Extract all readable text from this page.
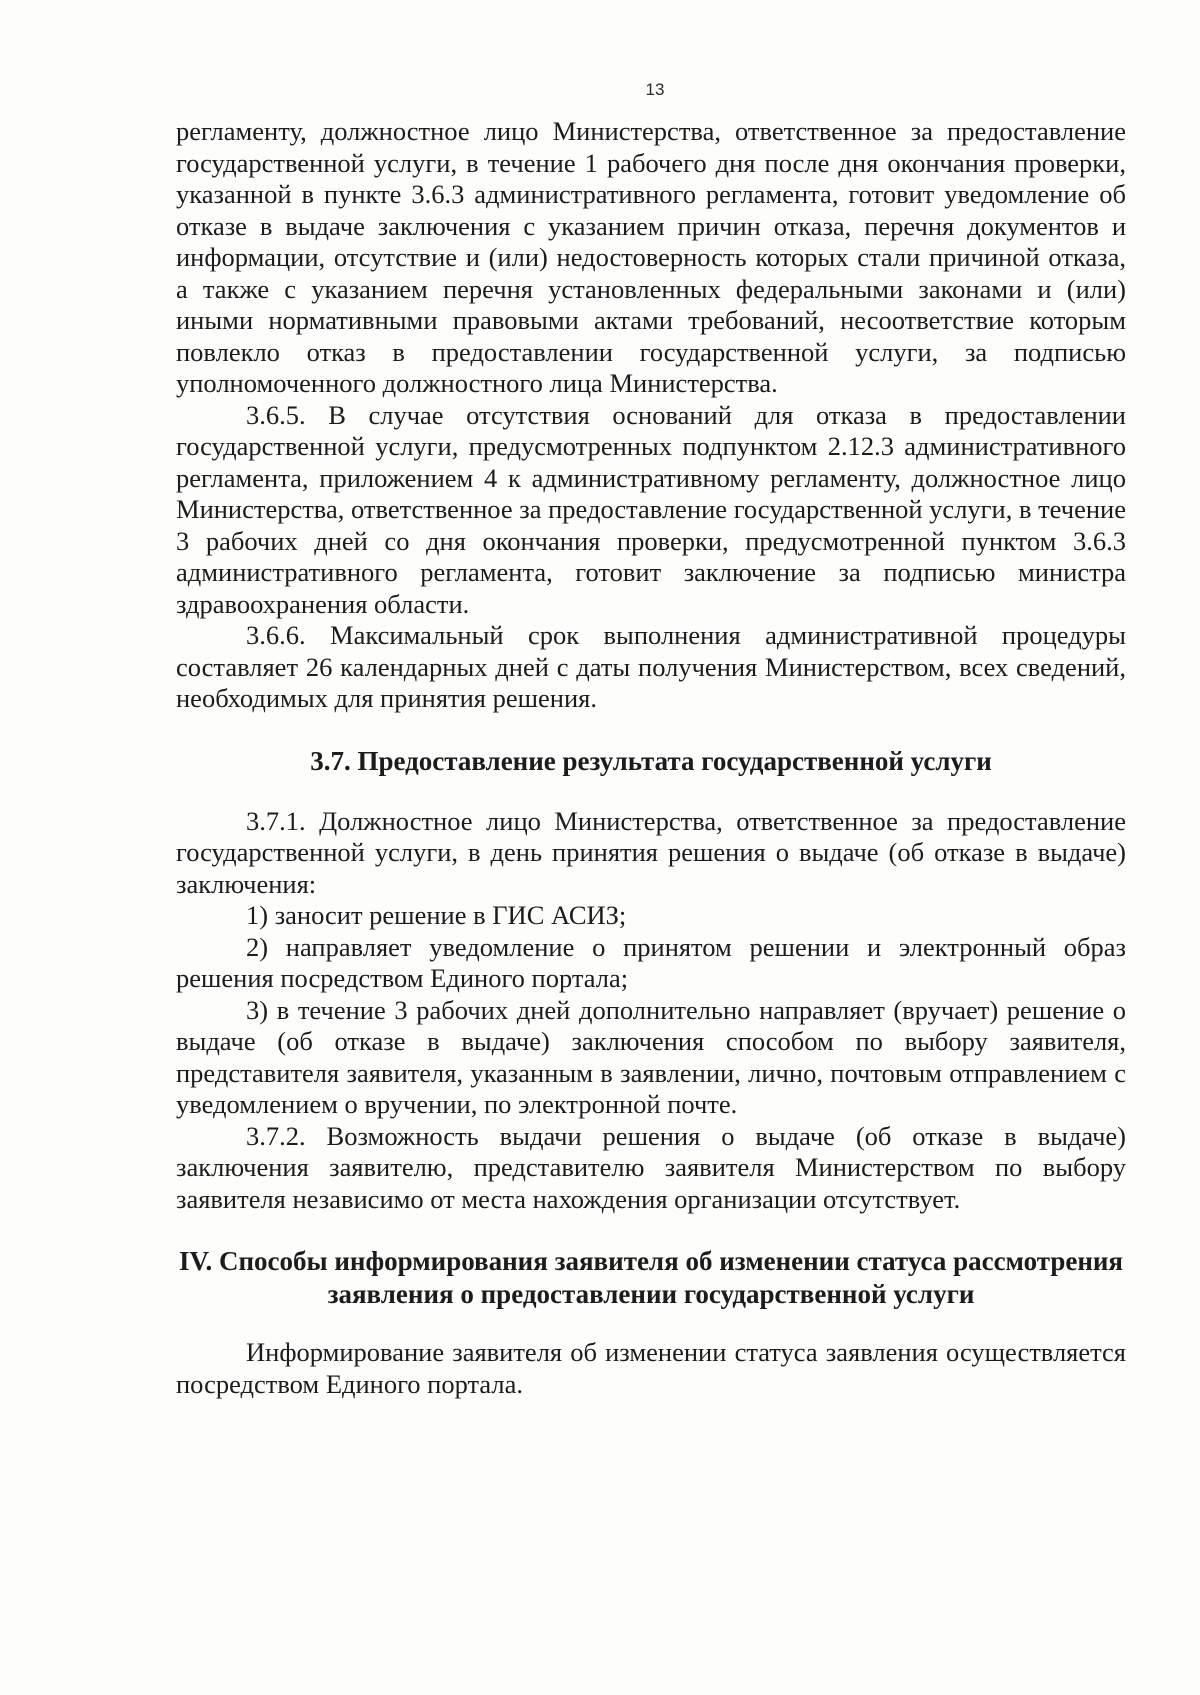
13

регламенту, должностное лицо Министерства, ответственное за предоставление государственной услуги, в течение 1 рабочего дня после дня окончания проверки, указанной в пункте 3.6.3 административного регламента, готовит уведомление об отказе в выдаче заключения с указанием причин отказа, перечня документов и информации, отсутствие и (или) недостоверность которых стали причиной отказа, а также с указанием перечня установленных федеральными законами и (или) иными нормативными правовыми актами требований, несоответствие которым повлекло отказ в предоставлении государственной услуги, за подписью уполномоченного должностного лица Министерства.

3.6.5. В случае отсутствия оснований для отказа в предоставлении государственной услуги, предусмотренных подпунктом 2.12.3 административного регламента, приложением 4 к административному регламенту, должностное лицо Министерства, ответственное за предоставление государственной услуги, в течение 3 рабочих дней со дня окончания проверки, предусмотренной пунктом 3.6.3 административного регламента, готовит заключение за подписью министра здравоохранения области.

3.6.6. Максимальный срок выполнения административной процедуры составляет 26 календарных дней с даты получения Министерством, всех сведений, необходимых для принятия решения.

3.7. Предоставление результата государственной услуги

3.7.1. Должностное лицо Министерства, ответственное за предоставление государственной услуги, в день принятия решения о выдаче (об отказе в выдаче) заключения:

1) заносит решение в ГИС АСИЗ;

2) направляет уведомление о принятом решении и электронный образ решения посредством Единого портала;

3) в течение 3 рабочих дней дополнительно направляет (вручает) решение о выдаче (об отказе в выдаче) заключения способом по выбору заявителя, представителя заявителя, указанным в заявлении, лично, почтовым отправлением с уведомлением о вручении, по электронной почте.

3.7.2. Возможность выдачи решения о выдаче (об отказе в выдаче) заключения заявителю, представителю заявителя Министерством по выбору заявителя независимо от места нахождения организации отсутствует.

IV. Способы информирования заявителя об изменении статуса рассмотрения заявления о предоставлении государственной услуги

Информирование заявителя об изменении статуса заявления осуществляется посредством Единого портала.
